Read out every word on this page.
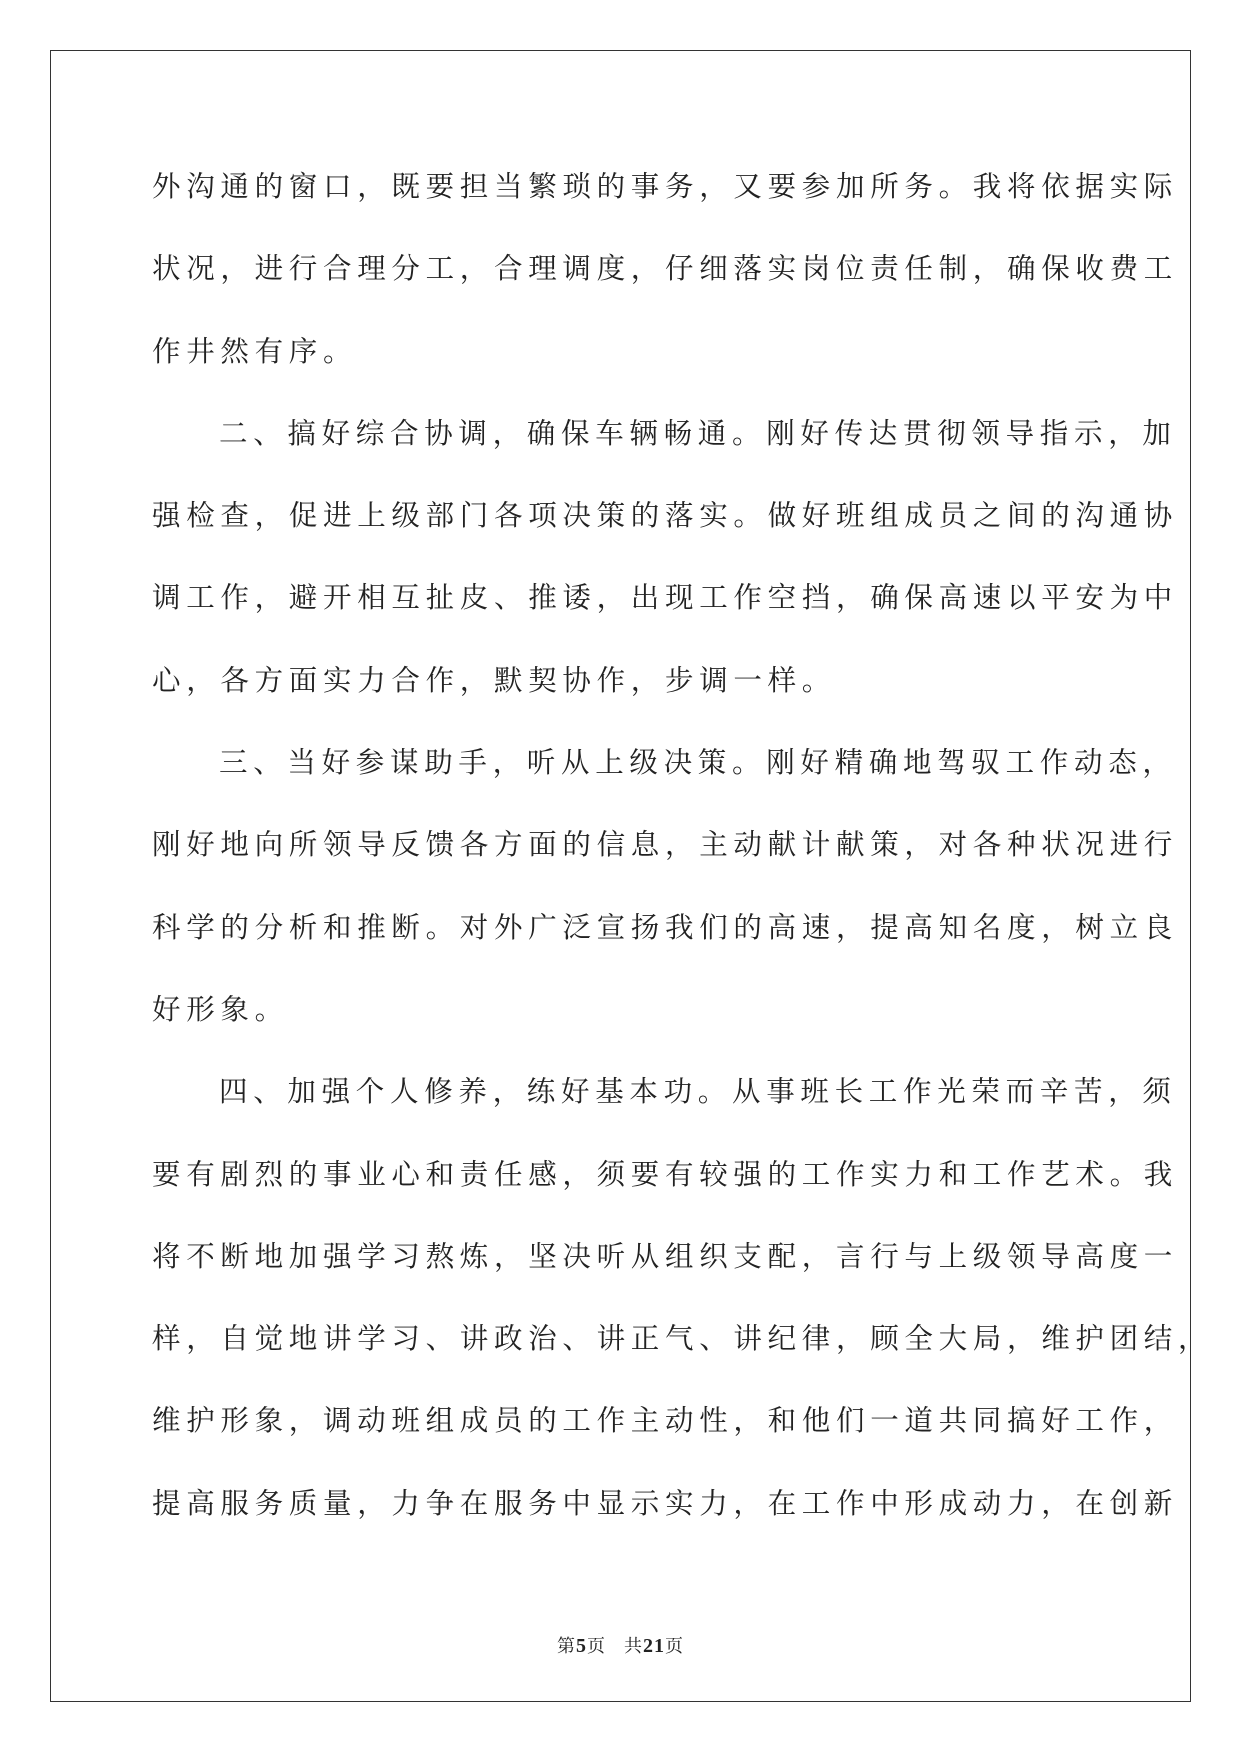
外沟通的窗口，既要担当繁琐的事务，又要参加所务。我将依据实际
状况，进行合理分工，合理调度，仔细落实岗位责任制，确保收费工
作井然有序。
二、搞好综合协调，确保车辆畅通。刚好传达贯彻领导指示，加
强检查，促进上级部门各项决策的落实。做好班组成员之间的沟通协
调工作，避开相互扯皮、推诿，出现工作空挡，确保高速以平安为中
心，各方面实力合作，默契协作，步调一样。
三、当好参谋助手，听从上级决策。刚好精确地驾驭工作动态，
刚好地向所领导反馈各方面的信息，主动献计献策，对各种状况进行
科学的分析和推断。对外广泛宣扬我们的高速，提高知名度，树立良
好形象。
四、加强个人修养，练好基本功。从事班长工作光荣而辛苦，须
要有剧烈的事业心和责任感，须要有较强的工作实力和工作艺术。我
将不断地加强学习熬炼，坚决听从组织支配，言行与上级领导高度一
样，自觉地讲学习、讲政治、讲正气、讲纪律，顾全大局，维护团结，
维护形象，调动班组成员的工作主动性，和他们一道共同搞好工作，
提高服务质量，力争在服务中显示实力，在工作中形成动力，在创新
第5页 共21页
